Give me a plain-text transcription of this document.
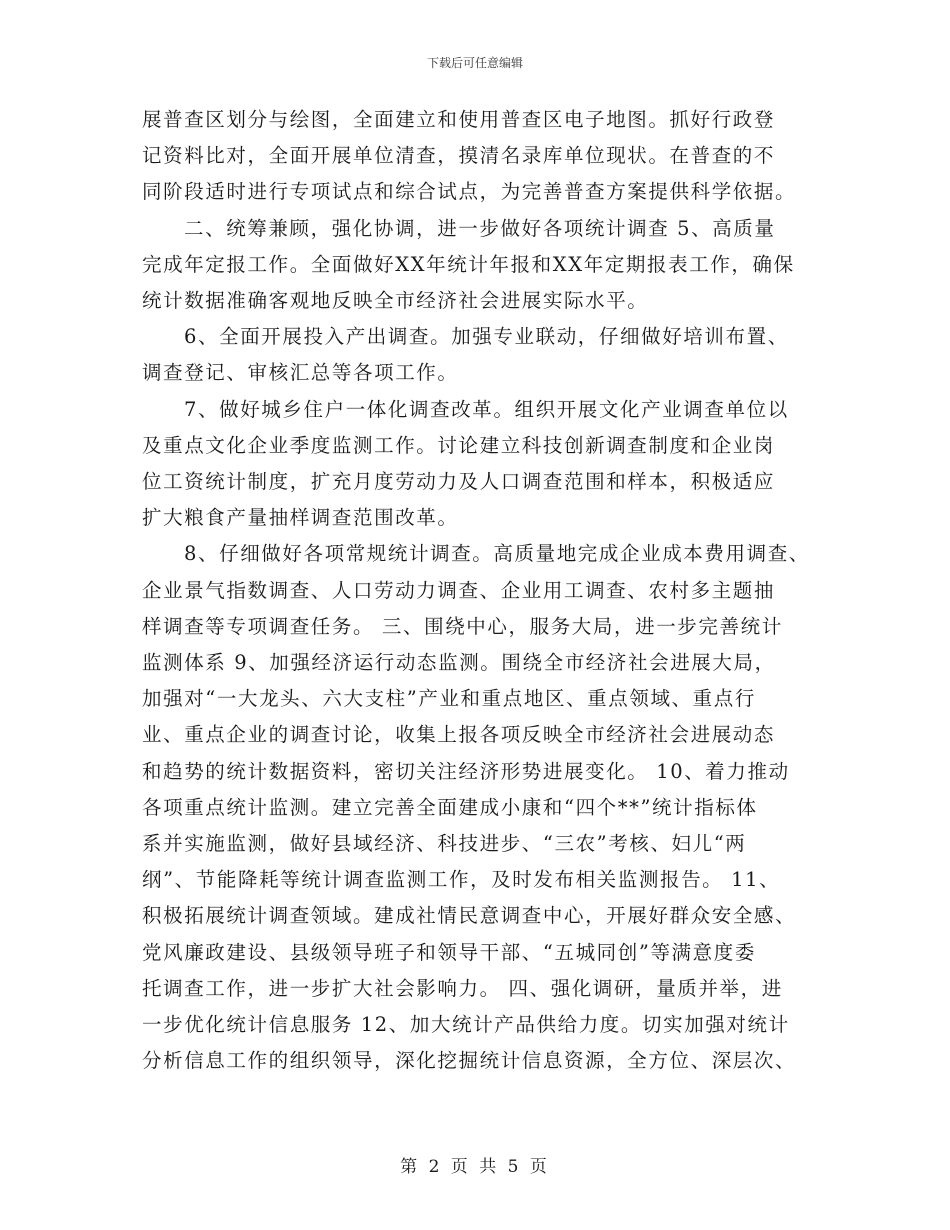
下载后可任意编辑

展普查区划分与绘图，全面建立和使用普查区电子地图。抓好行政登

记资料比对，全面开展单位清查，摸清名录库单位现状。在普查的不

同阶段适时进行专项试点和综合试点，为完善普查方案提供科学依据。

二、统筹兼顾，强化协调，进一步做好各项统计调查 5、高质量

完成年定报工作。全面做好XX年统计年报和XX年定期报表工作，确保

统计数据准确客观地反映全市经济社会进展实际水平。

6、全面开展投入产出调查。加强专业联动，仔细做好培训布置、

调查登记、审核汇总等各项工作。

7、做好城乡住户一体化调查改革。组织开展文化产业调查单位以

及重点文化企业季度监测工作。讨论建立科技创新调查制度和企业岗

位工资统计制度，扩充月度劳动力及人口调查范围和样本，积极适应

扩大粮食产量抽样调查范围改革。

8、仔细做好各项常规统计调查。高质量地完成企业成本费用调查、

企业景气指数调查、人口劳动力调查、企业用工调查、农村多主题抽

样调查等专项调查任务。 三、围绕中心，服务大局，进一步完善统计

监测体系 9、加强经济运行动态监测。围绕全市经济社会进展大局，

加强对“一大龙头、六大支柱”产业和重点地区、重点领域、重点行

业、重点企业的调查讨论，收集上报各项反映全市经济社会进展动态

和趋势的统计数据资料，密切关注经济形势进展变化。 10、着力推动

各项重点统计监测。建立完善全面建成小康和“四个**”统计指标体

系并实施监测，做好县域经济、科技进步、“三农”考核、妇儿“两

纲”、节能降耗等统计调查监测工作，及时发布相关监测报告。 11、

积极拓展统计调查领域。建成社情民意调查中心，开展好群众安全感、

党风廉政建设、县级领导班子和领导干部、“五城同创”等满意度委

托调查工作，进一步扩大社会影响力。 四、强化调研，量质并举，进

一步优化统计信息服务 12、加大统计产品供给力度。切实加强对统计

分析信息工作的组织领导，深化挖掘统计信息资源，全方位、深层次、

第 2 页 共 5 页
